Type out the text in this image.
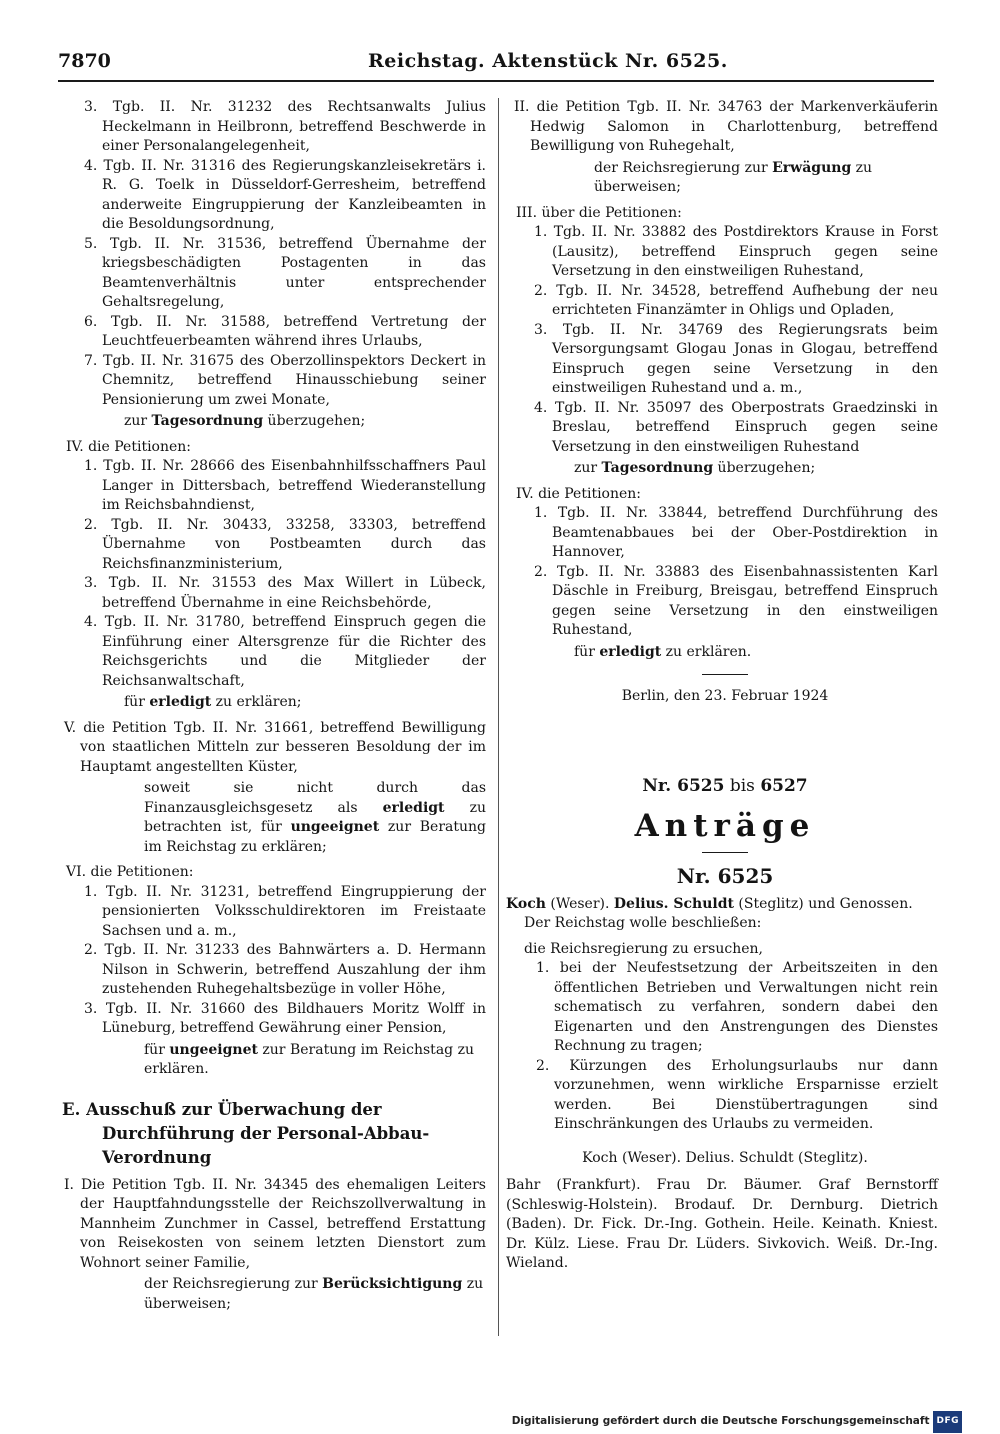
7870	Reichstag. Aktenstück Nr. 6525.

3. Tgb. II. Nr. 31232 des Rechtsanwalts Julius Heckelmann in Heilbronn, betreffend Beschwerde in einer Personalangelegenheit,

4. Tgb. II. Nr. 31316 des Regierungskanzleisekretärs i. R. G. Toelk in Düsseldorf-Gerresheim, betreffend anderweite Eingruppierung der Kanzleibeamten in die Besoldungsordnung,

5. Tgb. II. Nr. 31536, betreffend Übernahme der kriegsbeschädigten Postagenten in das Beamtenverhältnis unter entsprechender Gehaltsregelung,

6. Tgb. II. Nr. 31588, betreffend Vertretung der Leuchtfeuerbeamten während ihres Urlaubs,

7. Tgb. II. Nr. 31675 des Oberzollinspektors Deckert in Chemnitz, betreffend Hinausschiebung seiner Pensionierung um zwei Monate,

zur Tagesordnung überzugehen;

IV. die Petitionen:

1. Tgb. II. Nr. 28666 des Eisenbahnhilfsschaffners Paul Langer in Dittersbach, betreffend Wiederanstellung im Reichsbahndienst,

2. Tgb. II. Nr. 30433, 33258, 33303, betreffend Übernahme von Postbeamten durch das Reichsfinanzministerium,

3. Tgb. II. Nr. 31553 des Max Willert in Lübeck, betreffend Übernahme in eine Reichsbehörde,

4. Tgb. II. Nr. 31780, betreffend Einspruch gegen die Einführung einer Altersgrenze für die Richter des Reichsgerichts und die Mitglieder der Reichsanwaltschaft,

für erledigt zu erklären;

V. die Petition Tgb. II. Nr. 31661, betreffend Bewilligung von staatlichen Mitteln zur besseren Besoldung der im Hauptamt angestellten Küster,

soweit sie nicht durch das Finanzausgleichsgesetz als erledigt zu betrachten ist, für ungeeignet zur Beratung im Reichstag zu erklären;

VI. die Petitionen:

1. Tgb. II. Nr. 31231, betreffend Eingruppierung der pensionierten Volksschuldirektoren im Freistaate Sachsen und a. m.,

2. Tgb. II. Nr. 31233 des Bahnwärters a. D. Hermann Nilson in Schwerin, betreffend Auszahlung der ihm zustehenden Ruhegehaltsbezüge in voller Höhe,

3. Tgb. II. Nr. 31660 des Bildhauers Moritz Wolff in Lüneburg, betreffend Gewährung einer Pension,

für ungeeignet zur Beratung im Reichstag zu erklären.

E. Ausschuß zur Überwachung der Durchführung der Personal-Abbau-Verordnung

I. Die Petition Tgb. II. Nr. 34345 des ehemaligen Leiters der Hauptfahndungsstelle der Reichszollverwaltung in Mannheim Zunchmer in Cassel, betreffend Erstattung von Reisekosten von seinem letzten Dienstort zum Wohnort seiner Familie,

der Reichsregierung zur Berücksichtigung zu überweisen;

II. die Petition Tgb. II. Nr. 34763 der Markenverkäuferin Hedwig Salomon in Charlottenburg, betreffend Bewilligung von Ruhegehalt,

der Reichsregierung zur Erwägung zu überweisen;

III. über die Petitionen:

1. Tgb. II. Nr. 33882 des Postdirektors Krause in Forst (Lausitz), betreffend Einspruch gegen seine Versetzung in den einstweiligen Ruhestand,

2. Tgb. II. Nr. 34528, betreffend Aufhebung der neu errichteten Finanzämter in Ohligs und Opladen,

3. Tgb. II. Nr. 34769 des Regierungsrats beim Versorgungsamt Glogau Jonas in Glogau, betreffend Einspruch gegen seine Versetzung in den einstweiligen Ruhestand und a. m.,

4. Tgb. II. Nr. 35097 des Oberpostrats Graedzinski in Breslau, betreffend Einspruch gegen seine Versetzung in den einstweiligen Ruhestand

zur Tagesordnung überzugehen;

IV. die Petitionen:

1. Tgb. II. Nr. 33844, betreffend Durchführung des Beamtenabbaues bei der Ober-Postdirektion in Hannover,

2. Tgb. II. Nr. 33883 des Eisenbahnassistenten Karl Däschle in Freiburg, Breisgau, betreffend Einspruch gegen seine Versetzung in den einstweiligen Ruhestand,

für erledigt zu erklären.

Berlin, den 23. Februar 1924

Nr. 6525 bis 6527

Anträge

Nr. 6525

Koch (Weser). Delius. Schuldt (Steglitz) und Genossen.

Der Reichstag wolle beschließen:

die Reichsregierung zu ersuchen,

1. bei der Neufestsetzung der Arbeitszeiten in den öffentlichen Betrieben und Verwaltungen nicht rein schematisch zu verfahren, sondern dabei den Eigenarten und den Anstrengungen des Dienstes Rechnung zu tragen;

2. Kürzungen des Erholungsurlaubs nur dann vorzunehmen, wenn wirkliche Ersparnisse erzielt werden. Bei Dienstübertragungen sind Einschränkungen des Urlaubs zu vermeiden.

Koch (Weser). Delius. Schuldt (Steglitz).

Bahr (Frankfurt). Frau Dr. Bäumer. Graf Bernstorff (Schleswig-Holstein). Brodauf. Dr. Dernburg. Dietrich (Baden). Dr. Fick. Dr.-Ing. Gothein. Heile. Keinath. Kniest. Dr. Külz. Liese. Frau Dr. Lüders. Sivkovich. Weiß. Dr.-Ing. Wieland.

Digitalisierung gefördert durch die Deutsche Forschungsgemeinschaft DFG
